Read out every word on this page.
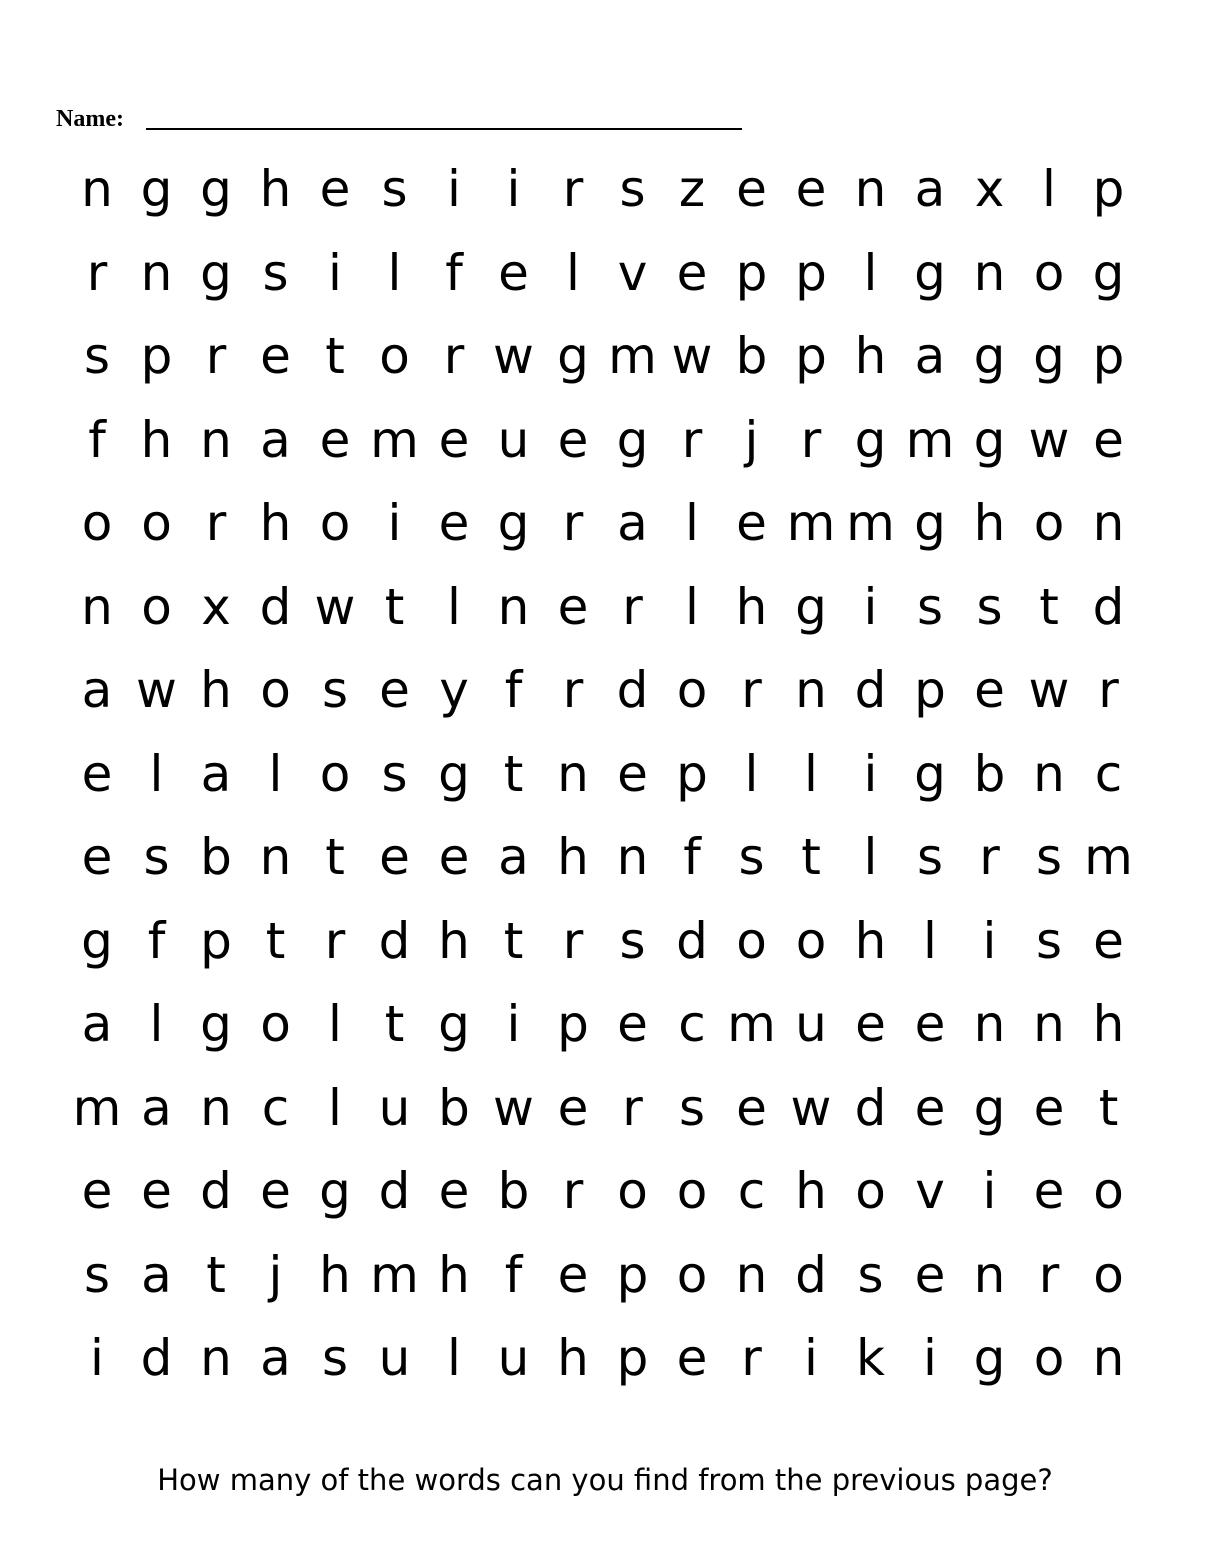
Name:
n g g h e s i i r s z e e n a x l p
r n g s i l f e l v e p p l g n o g
s p r e t o r w g m w b p h a g g p
f h n a e m e u e g r j r g m g w e
o o r h o i e g r a l e m m g h o n
n o x d w t l n e r l h g i s s t d
a w h o s e y f r d o r n d p e w r
e l a l o s g t n e p l l i g b n c
e s b n t e e a h n f s t l s r s m
g f p t r d h t r s d o o h l i s e
a l g o l t g i p e c m u e e n n h
m a n c l u b w e r s e w d e g e t
e e d e g d e b r o o c h o v i e o
s a t j h m h f e p o n d s e n r o
i d n a s u l u h p e r i k i g o n
How many of the words can you find from the previous page?
